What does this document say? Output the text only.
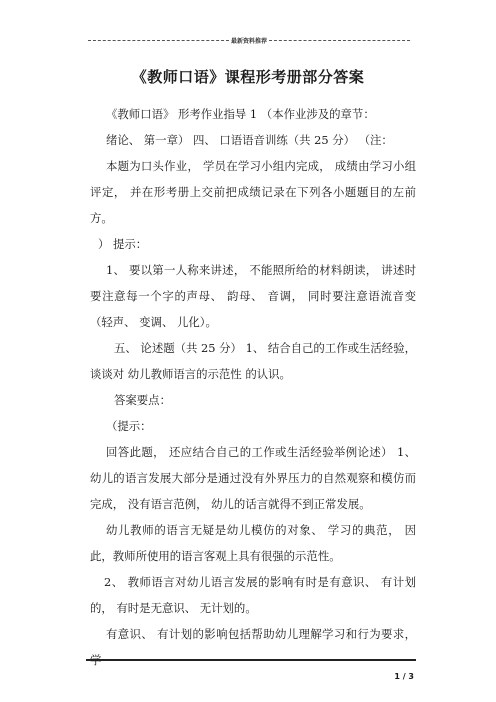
最新资料推荐
《教师口语》课程形考册部分答案

《教师口语》 形考作业指导 1 （本作业涉及的章节：

绪论、 第一章） 四、 口语语音训练（共 25 分） （注：

本题为口头作业， 学员在学习小组内完成， 成绩由学习小组评定， 并在形考册上交前把成绩记录在下列各小题题目的左前方。

） 提示：

1、 要以第一人称来讲述， 不能照所给的材料朗读， 讲述时要注意每一个字的声母、 韵母、 音调， 同时要注意语流音变（轻声、 变调、 儿化）。

五、 论述题（共 25 分） 1、 结合自己的工作或生活经验，谈谈对 幼儿教师语言的示范性 的认识。

答案要点：

（提示：

回答此题， 还应结合自己的工作或生活经验举例论述） 1、 幼儿的语言发展大部分是通过没有外界压力的自然观察和模仿而完成， 没有语言范例， 幼儿的话言就得不到正常发展。

幼儿教师的语言无疑是幼儿模仿的对象、 学习的典范， 因此，教师所使用的语言客观上具有很强的示范性。

2、 教师语言对幼儿语言发展的影响有时是有意识、 有计划的， 有时是无意识、 无计划的。

有意识、 有计划的影响包括帮助幼儿理解学习和行为要求， 学

1 / 3
